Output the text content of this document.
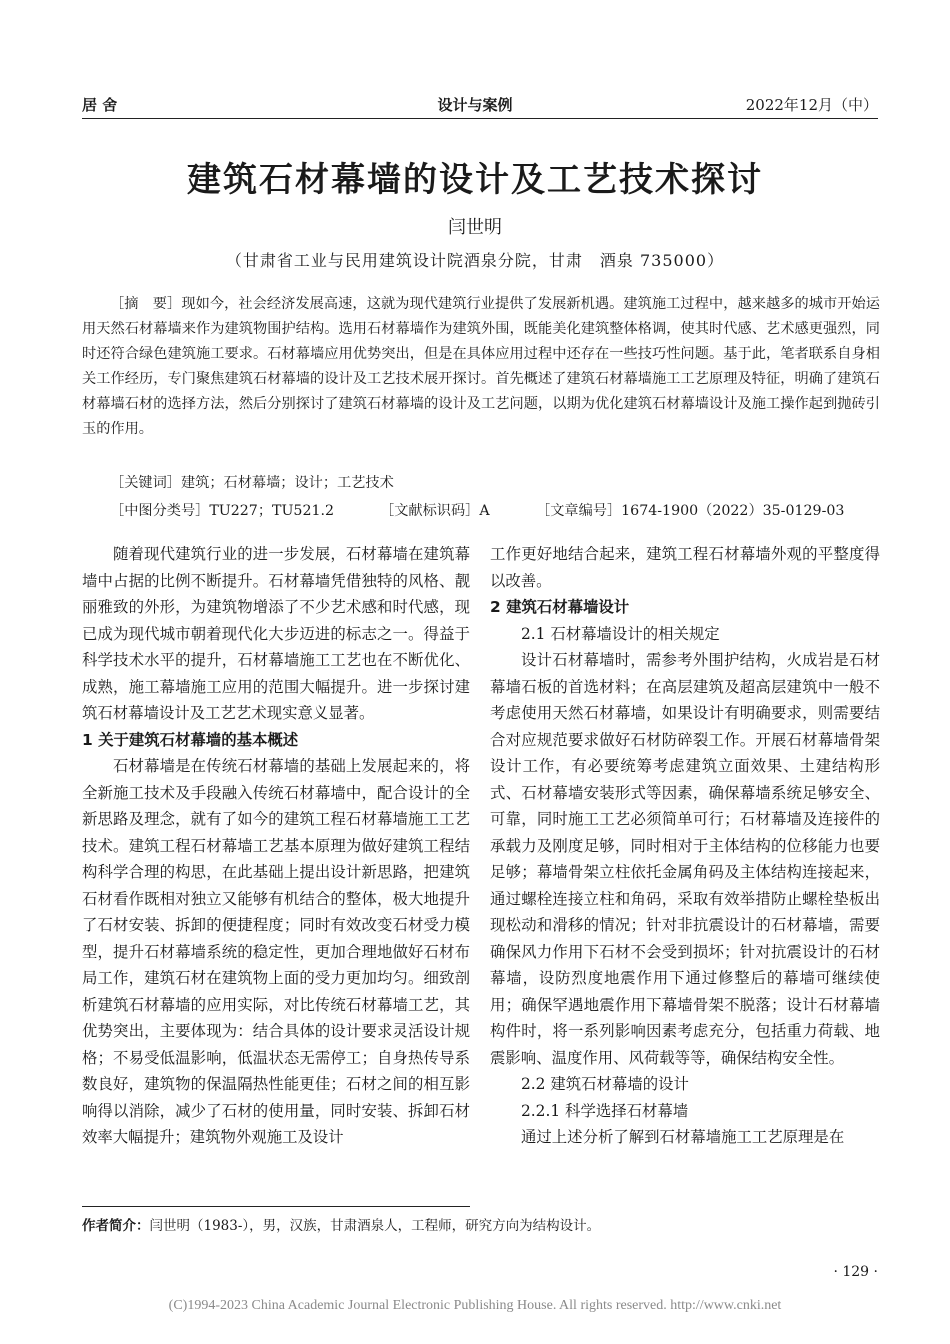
居 舍	设计与案例	2022年12月（中）
建筑石材幕墙的设计及工艺技术探讨
闫世明
（甘肃省工业与民用建筑设计院酒泉分院，甘肃　酒泉 735000）
［摘　要］现如今，社会经济发展高速，这就为现代建筑行业提供了发展新机遇。建筑施工过程中，越来越多的城市开始运用天然石材幕墙来作为建筑物围护结构。选用石材幕墙作为建筑外围，既能美化建筑整体格调，使其时代感、艺术感更强烈，同时还符合绿色建筑施工要求。石材幕墙应用优势突出，但是在具体应用过程中还存在一些技巧性问题。基于此，笔者联系自身相关工作经历，专门聚焦建筑石材幕墙的设计及工艺技术展开探讨。首先概述了建筑石材幕墙施工工艺原理及特征，明确了建筑石材幕墙石材的选择方法，然后分别探讨了建筑石材幕墙的设计及工艺问题，以期为优化建筑石材幕墙设计及施工操作起到抛砖引玉的作用。
［关键词］建筑；石材幕墙；设计；工艺技术
［中图分类号］TU227；TU521.2	［文献标识码］A	［文章编号］1674-1900（2022）35-0129-03

随着现代建筑行业的进一步发展，石材幕墙在建筑幕墙中占据的比例不断提升。石材幕墙凭借独特的风格、靓丽雅致的外形，为建筑物增添了不少艺术感和时代感，现已成为现代城市朝着现代化大步迈进的标志之一。得益于科学技术水平的提升，石材幕墙施工工艺也在不断优化、成熟，施工幕墙施工应用的范围大幅提升。进一步探讨建筑石材幕墙设计及工艺艺术现实意义显著。

1 关于建筑石材幕墙的基本概述

石材幕墙是在传统石材幕墙的基础上发展起来的，将全新施工技术及手段融入传统石材幕墙中，配合设计的全新思路及理念，就有了如今的建筑工程石材幕墙施工工艺技术。建筑工程石材幕墙工艺基本原理为做好建筑工程结构科学合理的构思，在此基础上提出设计新思路，把建筑石材看作既相对独立又能够有机结合的整体，极大地提升了石材安装、拆卸的便捷程度；同时有效改变石材受力模型，提升石材幕墙系统的稳定性，更加合理地做好石材布局工作，建筑石材在建筑物上面的受力更加均匀。细致剖析建筑石材幕墙的应用实际，对比传统石材幕墙工艺，其优势突出，主要体现为：结合具体的设计要求灵活设计规格；不易受低温影响，低温状态无需停工；自身热传导系数良好，建筑物的保温隔热性能更佳；石材之间的相互影响得以消除，减少了石材的使用量，同时安装、拆卸石材效率大幅提升；建筑物外观施工及设计

工作更好地结合起来，建筑工程石材幕墙外观的平整度得以改善。

2 建筑石材幕墙设计
2.1 石材幕墙设计的相关规定

设计石材幕墙时，需参考外围护结构，火成岩是石材幕墙石板的首选材料；在高层建筑及超高层建筑中一般不考虑使用天然石材幕墙，如果设计有明确要求，则需要结合对应规范要求做好石材防碎裂工作。开展石材幕墙骨架设计工作，有必要统筹考虑建筑立面效果、土建结构形式、石材幕墙安装形式等因素，确保幕墙系统足够安全、可靠，同时施工工艺必须简单可行；石材幕墙及连接件的承载力及刚度足够，同时相对于主体结构的位移能力也要足够；幕墙骨架立柱依托金属角码及主体结构连接起来，通过螺栓连接立柱和角码，采取有效举措防止螺栓垫板出现松动和滑移的情况；针对非抗震设计的石材幕墙，需要确保风力作用下石材不会受到损坏；针对抗震设计的石材幕墙，设防烈度地震作用下通过修整后的幕墙可继续使用；确保罕遇地震作用下幕墙骨架不脱落；设计石材幕墙构件时，将一系列影响因素考虑充分，包括重力荷载、地震影响、温度作用、风荷载等等，确保结构安全性。

2.2 建筑石材幕墙的设计
2.2.1 科学选择石材幕墙

通过上述分析了解到石材幕墙施工工艺原理是在

作者简介：闫世明（1983-），男，汉族，甘肃酒泉人，工程师，研究方向为结构设计。
· 129 ·
(C)1994-2023 China Academic Journal Electronic Publishing House. All rights reserved. http://www.cnki.net
